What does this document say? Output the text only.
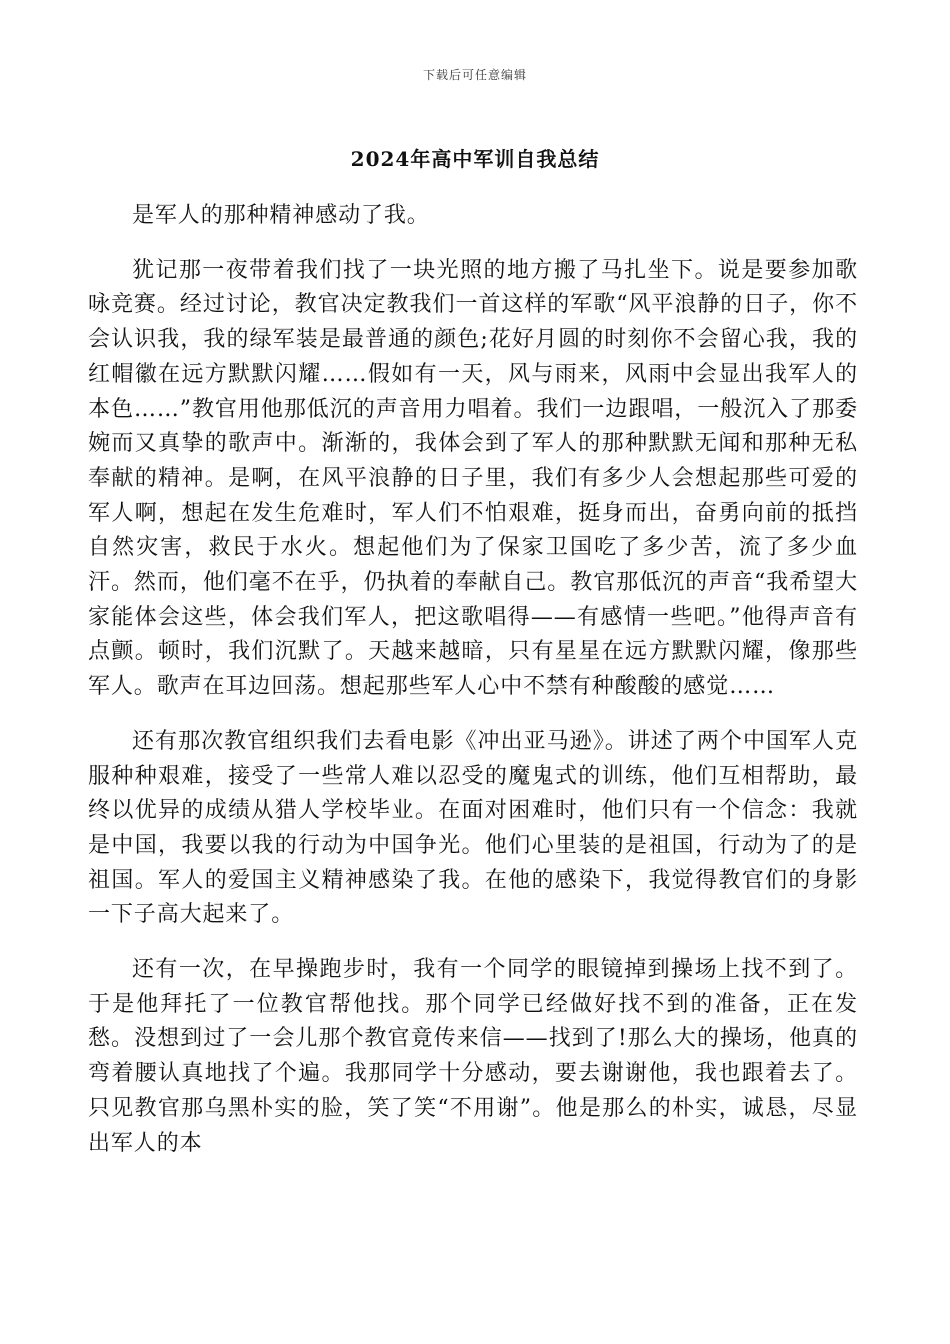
下载后可任意编辑
2024年高中军训自我总结

是军人的那种精神感动了我。

犹记那一夜带着我们找了一块光照的地方搬了马扎坐下。说是要参加歌咏竞赛。经过讨论，教官决定教我们一首这样的军歌“风平浪静的日子，你不会认识我，我的绿军装是最普通的颜色;花好月圆的时刻你不会留心我，我的红帽徽在远方默默闪耀……假如有一天，风与雨来，风雨中会显出我军人的本色……”教官用他那低沉的声音用力唱着。我们一边跟唱，一般沉入了那委婉而又真挚的歌声中。渐渐的，我体会到了军人的那种默默无闻和那种无私奉献的精神。是啊，在风平浪静的日子里，我们有多少人会想起那些可爱的军人啊，想起在发生危难时，军人们不怕艰难，挺身而出，奋勇向前的抵挡自然灾害，救民于水火。想起他们为了保家卫国吃了多少苦，流了多少血汗。然而，他们毫不在乎，仍执着的奉献自己。教官那低沉的声音“我希望大家能体会这些，体会我们军人，把这歌唱得——有感情一些吧。”他得声音有点颤。顿时，我们沉默了。天越来越暗，只有星星在远方默默闪耀，像那些军人。歌声在耳边回荡。想起那些军人心中不禁有种酸酸的感觉……

还有那次教官组织我们去看电影《冲出亚马逊》。讲述了两个中国军人克服种种艰难，接受了一些常人难以忍受的魔鬼式的训练，他们互相帮助，最终以优异的成绩从猎人学校毕业。在面对困难时，他们只有一个信念：我就是中国，我要以我的行动为中国争光。他们心里装的是祖国，行动为了的是祖国。军人的爱国主义精神感染了我。在他的感染下，我觉得教官们的身影一下子高大起来了。

还有一次，在早操跑步时，我有一个同学的眼镜掉到操场上找不到了。于是他拜托了一位教官帮他找。那个同学已经做好找不到的准备，正在发愁。没想到过了一会儿那个教官竟传来信——找到了!那么大的操场，他真的弯着腰认真地找了个遍。我那同学十分感动，要去谢谢他，我也跟着去了。只见教官那乌黑朴实的脸，笑了笑“不用谢”。他是那么的朴实，诚恳，尽显出军人的本
